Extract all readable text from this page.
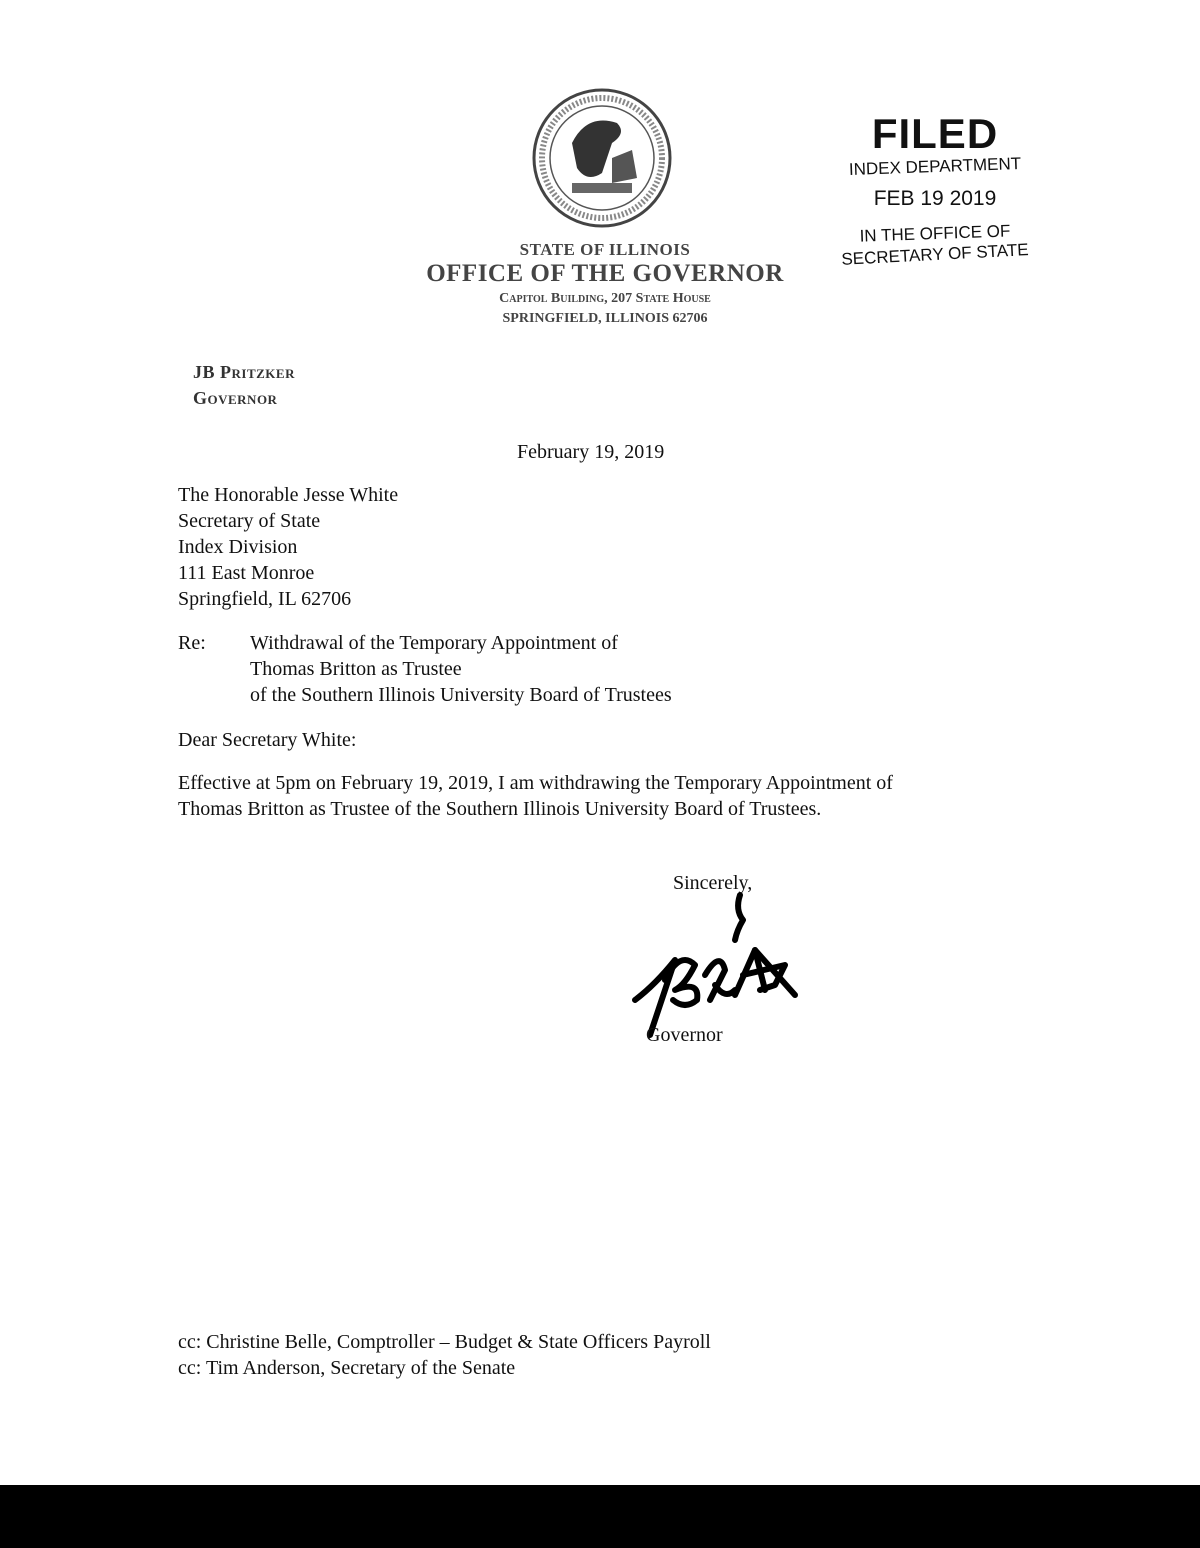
STATE OF ILLINOIS
OFFICE OF THE GOVERNOR
Capitol Building, 207 State House
SPRINGFIELD, ILLINOIS 62706
FILED
INDEX DEPARTMENT
FEB 19 2019
IN THE OFFICE OF
SECRETARY OF STATE
JB Pritzker
Governor
February 19, 2019
The Honorable Jesse White
Secretary of State
Index Division
111 East Monroe
Springfield, IL 62706
Re: Withdrawal of the Temporary Appointment of
Thomas Britton as Trustee
of the Southern Illinois University Board of Trustees
Dear Secretary White:
Effective at 5pm on February 19, 2019, I am withdrawing the Temporary Appointment of
Thomas Britton as Trustee of the Southern Illinois University Board of Trustees.
Sincerely,
Governor
cc: Christine Belle, Comptroller – Budget & State Officers Payroll
cc: Tim Anderson, Secretary of the Senate
